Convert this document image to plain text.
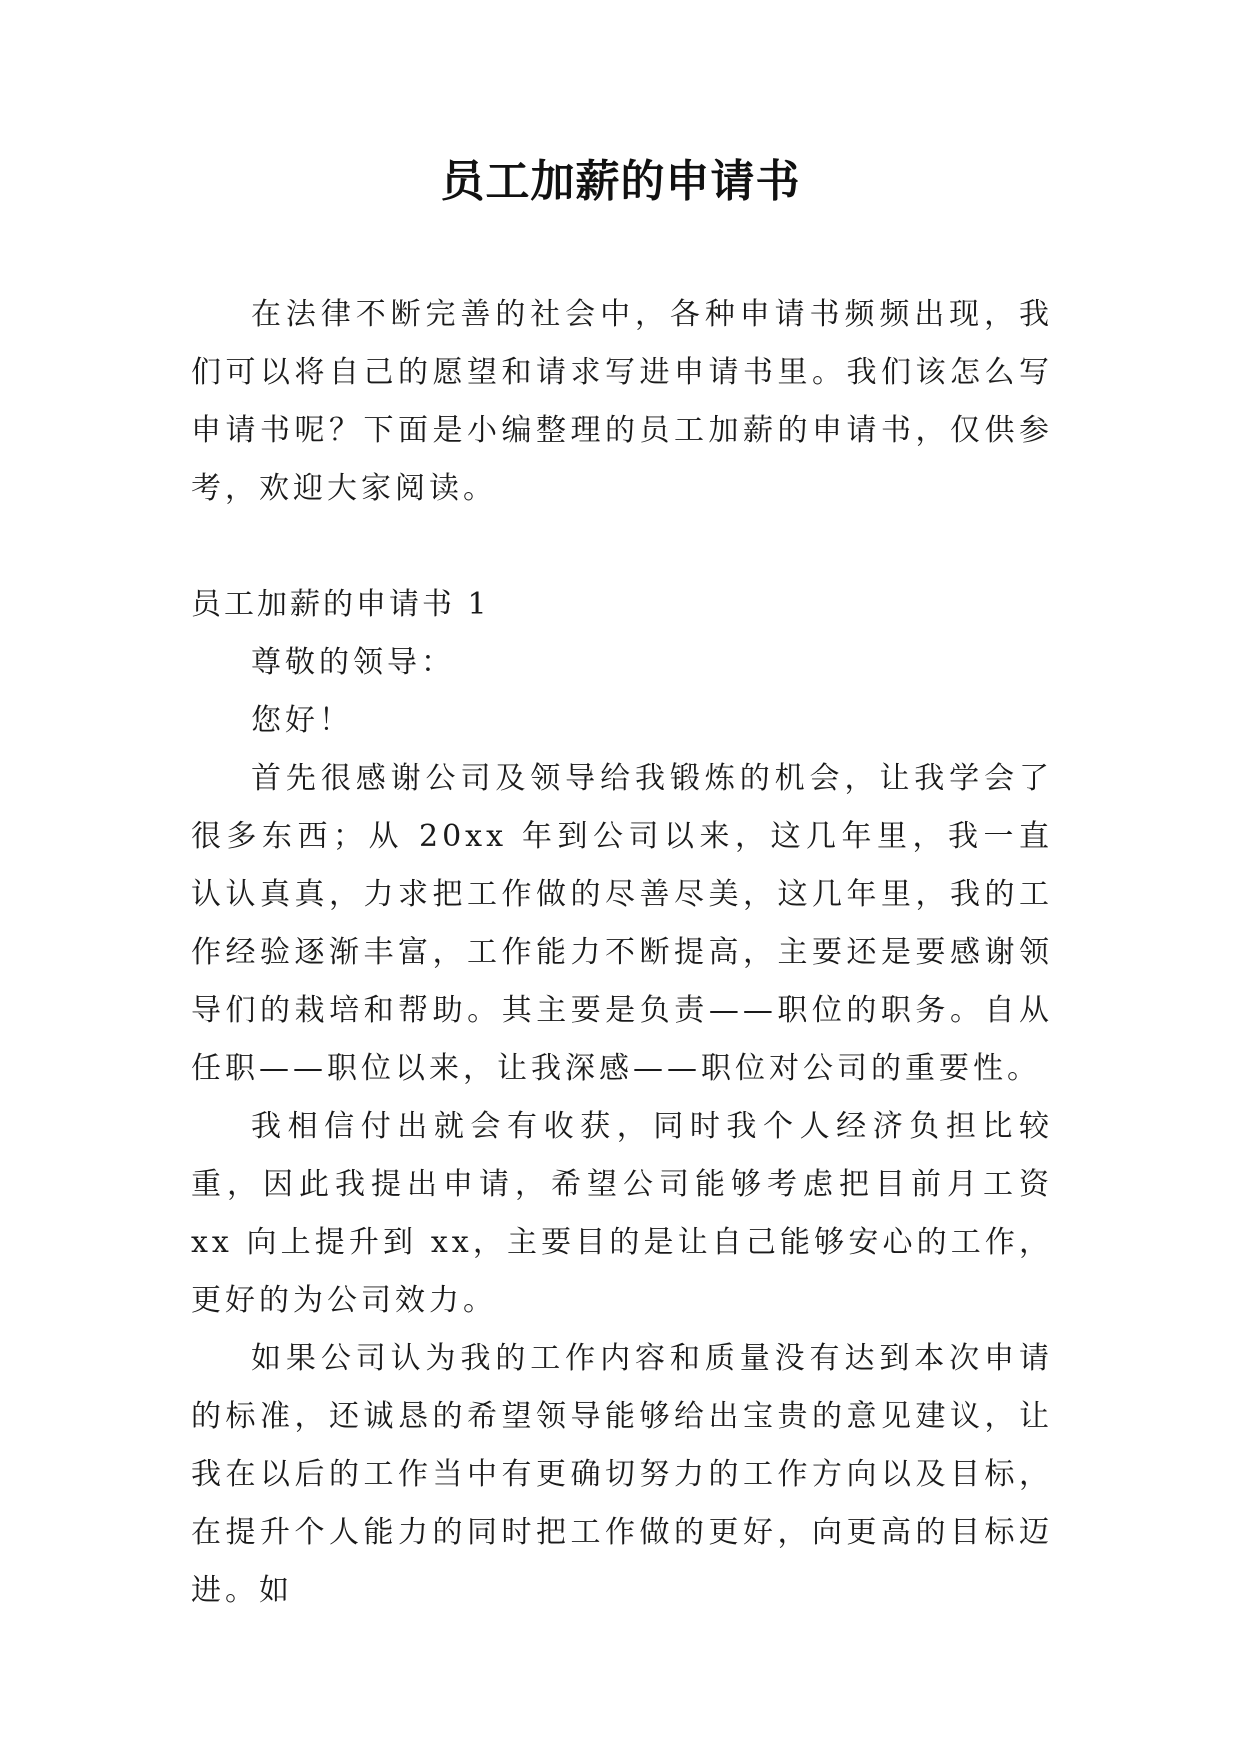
员工加薪的申请书

在法律不断完善的社会中，各种申请书频频出现，我们可以将自己的愿望和请求写进申请书里。我们该怎么写申请书呢？下面是小编整理的员工加薪的申请书，仅供参考，欢迎大家阅读。

员工加薪的申请书 1

尊敬的领导：

您好！

首先很感谢公司及领导给我锻炼的机会，让我学会了很多东西；从 20xx 年到公司以来，这几年里，我一直认认真真，力求把工作做的尽善尽美，这几年里，我的工作经验逐渐丰富，工作能力不断提高，主要还是要感谢领导们的栽培和帮助。其主要是负责——职位的职务。自从任职——职位以来，让我深感——职位对公司的重要性。

我相信付出就会有收获，同时我个人经济负担比较重，因此我提出申请，希望公司能够考虑把目前月工资 xx 向上提升到 xx，主要目的是让自己能够安心的工作，更好的为公司效力。

如果公司认为我的工作内容和质量没有达到本次申请的标准，还诚恳的希望领导能够给出宝贵的意见建议，让我在以后的工作当中有更确切努力的工作方向以及目标，在提升个人能力的同时把工作做的更好，向更高的目标迈进。如
